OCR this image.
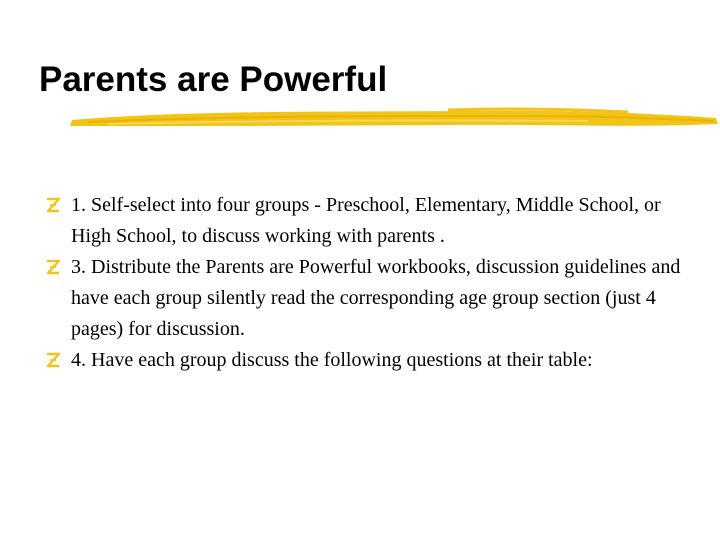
Parents are Powerful
1. Self-select into four groups - Preschool, Elementary, Middle School, or High School, to discuss working with parents .
3. Distribute the Parents are Powerful workbooks, discussion guidelines and have each group silently read the corresponding age group section (just 4 pages) for discussion.
4. Have each group discuss the following questions at their table:
